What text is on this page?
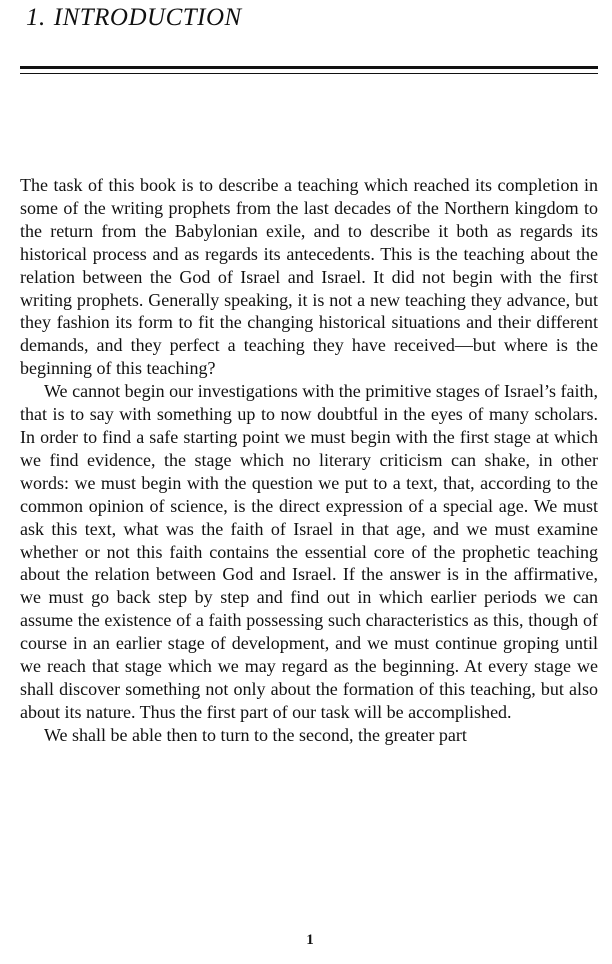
1. INTRODUCTION

The task of this book is to describe a teaching which reached its completion in some of the writing prophets from the last decades of the Northern kingdom to the return from the Babylonian exile, and to describe it both as regards its historical process and as regards its antecedents. This is the teaching about the relation between the God of Israel and Israel. It did not begin with the first writing prophets. Generally speaking, it is not a new teaching they advance, but they fashion its form to fit the changing historical situations and their different demands, and they perfect a teaching they have received—but where is the beginning of this teaching?

We cannot begin our investigations with the primitive stages of Israel’s faith, that is to say with something up to now doubtful in the eyes of many scholars. In order to find a safe starting point we must begin with the first stage at which we find evidence, the stage which no literary criticism can shake, in other words: we must begin with the question we put to a text, that, according to the common opinion of science, is the direct expression of a special age. We must ask this text, what was the faith of Israel in that age, and we must examine whether or not this faith contains the essential core of the prophetic teaching about the relation between God and Israel. If the answer is in the affirmative, we must go back step by step and find out in which earlier periods we can assume the existence of a faith possessing such characteristics as this, though of course in an earlier stage of development, and we must continue groping until we reach that stage which we may regard as the beginning. At every stage we shall discover something not only about the formation of this teaching, but also about its nature. Thus the first part of our task will be accomplished.

We shall be able then to turn to the second, the greater part

1
